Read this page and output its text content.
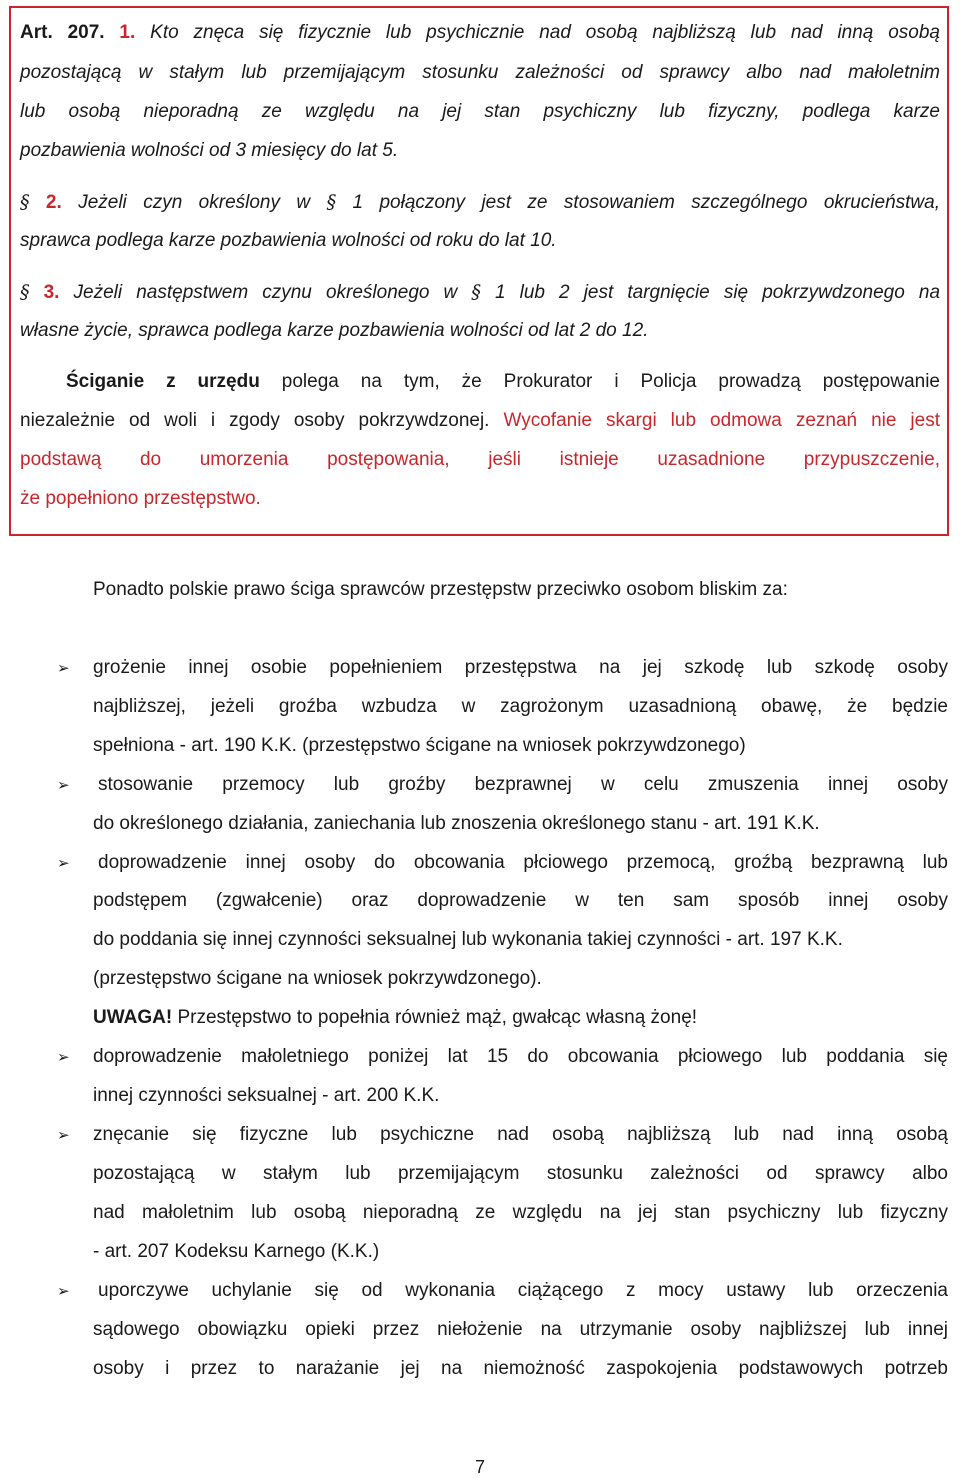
Art. 207. 1. Kto znęca się fizycznie lub psychicznie nad osobą najbliższą lub nad inną osobą
pozostającą w stałym lub przemijającym stosunku zależności od sprawcy albo nad małoletnim
lub osobą nieporadną ze względu na jej stan psychiczny lub fizyczny, podlega karze
pozbawienia wolności od 3 miesięcy do lat 5.
§ 2. Jeżeli czyn określony w § 1 połączony jest ze stosowaniem szczególnego okrucieństwa,
sprawca podlega karze pozbawienia wolności od roku do lat 10.
§ 3. Jeżeli następstwem czynu określonego w § 1 lub 2 jest targnięcie się pokrzywdzonego na
własne życie, sprawca podlega karze pozbawienia wolności od lat 2 do 12.
Ściganie z urzędu polega na tym, że Prokurator i Policja prowadzą postępowanie
niezależnie od woli i zgody osoby pokrzywdzonej. Wycofanie skargi lub odmowa zeznań nie jest
podstawą do umorzenia postępowania, jeśli istnieje uzasadnione przypuszczenie,
że popełniono przestępstwo.
Ponadto polskie prawo ściga sprawców przestępstw przeciwko osobom bliskim za:
➢ grożenie innej osobie popełnieniem przestępstwa na jej szkodę lub szkodę osoby
najbliższej, jeżeli groźba wzbudza w zagrożonym uzasadnioną obawę, że będzie
spełniona - art. 190 K.K. (przestępstwo ścigane na wniosek pokrzywdzonego)
➢ stosowanie przemocy lub groźby bezprawnej w celu zmuszenia innej osoby
do określonego działania, zaniechania lub znoszenia określonego stanu - art. 191 K.K.
➢ doprowadzenie innej osoby do obcowania płciowego przemocą, groźbą bezprawną lub
podstępem (zgwałcenie) oraz doprowadzenie w ten sam sposób innej osoby
do poddania się innej czynności seksualnej lub wykonania takiej czynności - art. 197 K.K.
(przestępstwo ścigane na wniosek pokrzywdzonego).
UWAGA! Przestępstwo to popełnia również mąż, gwałcąc własną żonę!
➢ doprowadzenie małoletniego poniżej lat 15 do obcowania płciowego lub poddania się
innej czynności seksualnej - art. 200 K.K.
➢ znęcanie się fizyczne lub psychiczne nad osobą najbliższą lub nad inną osobą
pozostającą w stałym lub przemijającym stosunku zależności od sprawcy albo
nad małoletnim lub osobą nieporadną ze względu na jej stan psychiczny lub fizyczny
- art. 207 Kodeksu Karnego (K.K.)
➢ uporczywe uchylanie się od wykonania ciążącego z mocy ustawy lub orzeczenia
sądowego obowiązku opieki przez niełożenie na utrzymanie osoby najbliższej lub innej
osoby i przez to narażanie jej na niemożność zaspokojenia podstawowych potrzeb
7
